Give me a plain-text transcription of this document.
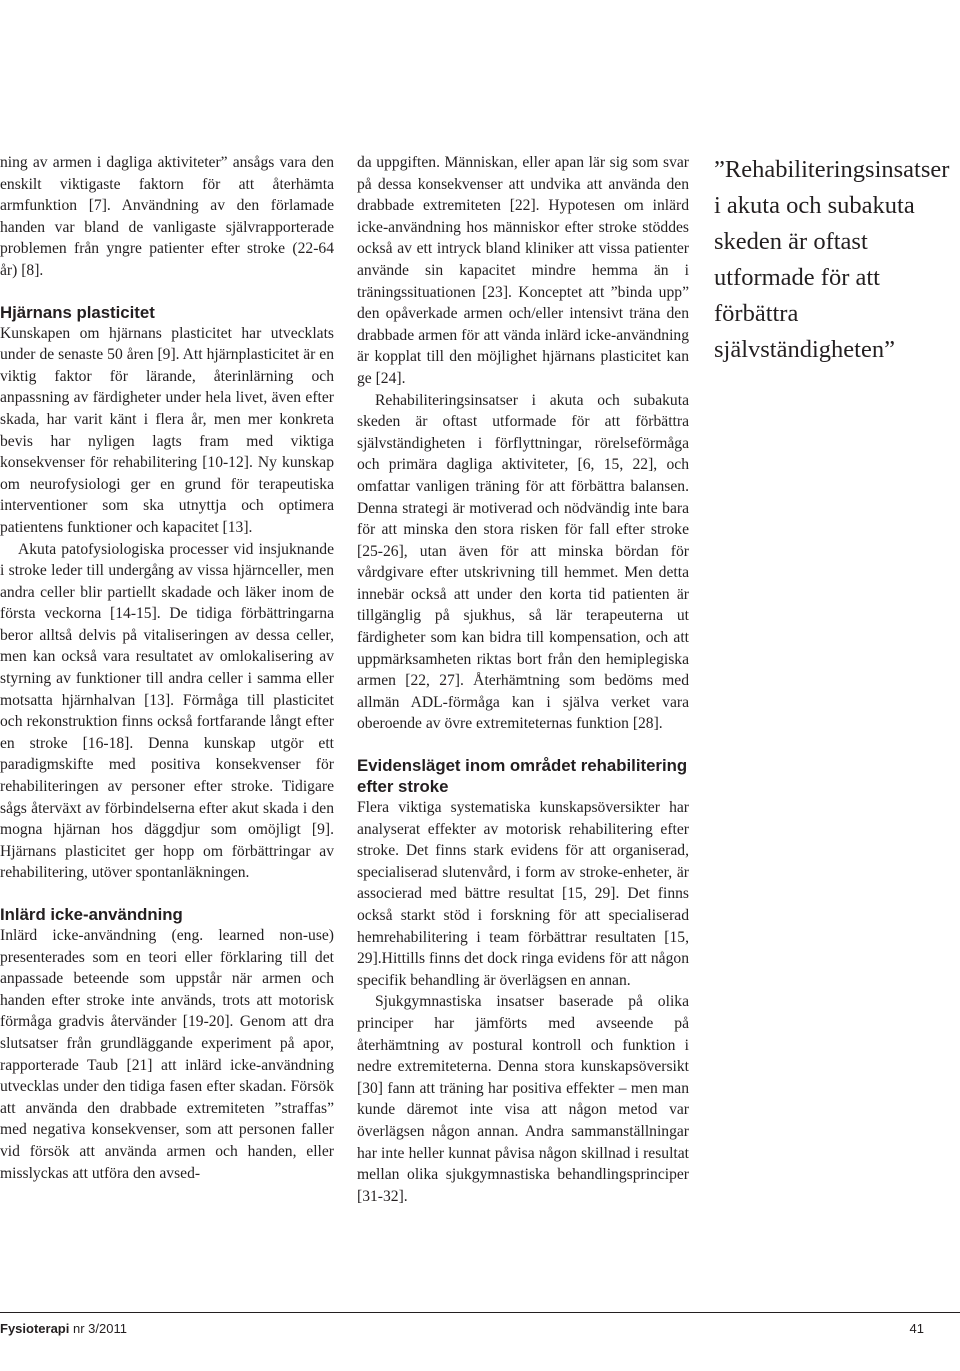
ning av armen i dagliga aktiviteter” ansågs vara den enskilt viktigaste faktorn för att återhämta armfunktion [7]. Användning av den förlamade handen var bland de vanligaste självrapporterade problemen från yngre patienter efter stroke (22-64 år) [8].

Hjärnans plasticitet

Kunskapen om hjärnans plasticitet har utvecklats under de senaste 50 åren [9]. Att hjärnplasticitet är en viktig faktor för lärande, återinlärning och anpassning av färdigheter under hela livet, även efter skada, har varit känt i flera år, men mer konkreta bevis har nyligen lagts fram med viktiga konsekvenser för rehabilitering [10-12]. Ny kunskap om neurofysiologi ger en grund för terapeutiska interventioner som ska utnyttja och optimera patientens funktioner och kapacitet [13].

Akuta patofysiologiska processer vid insjuknande i stroke leder till undergång av vissa hjärnceller, men andra celler blir partiellt skadade och läker inom de första veckorna [14-15]. De tidiga förbättringarna beror alltså delvis på vitaliseringen av dessa celler, men kan också vara resultatet av omlokalisering av styrning av funktioner till andra celler i samma eller motsatta hjärnhalvan [13]. Förmåga till plasticitet och rekonstruktion finns också fortfarande långt efter en stroke [16-18]. Denna kunskap utgör ett paradigmskifte med positiva konsekvenser för rehabiliteringen av personer efter stroke. Tidigare sågs återväxt av förbindelserna efter akut skada i den mogna hjärnan hos däggdjur som omöjligt [9]. Hjärnans plasticitet ger hopp om förbättringar av rehabilitering, utöver spontanläkningen.

Inlärd icke-användning

Inlärd icke-användning (eng. learned non-use) presenterades som en teori eller förklaring till det anpassade beteende som uppstår när armen och handen efter stroke inte används, trots att motorisk förmåga gradvis återvänder [19-20]. Genom att dra slutsatser från grundläggande experiment på apor, rapporterade Taub [21] att inlärd icke-användning utvecklas under den tidiga fasen efter skadan. Försök att använda den drabbade extremiteten ”straffas” med negativa konsekvenser, som att personen faller vid försök att använda armen och handen, eller misslyckas att utföra den avsed-

da uppgiften. Människan, eller apan lär sig som svar på dessa konsekvenser att undvika att använda den drabbade extremiteten [22]. Hypotesen om inlärd icke-användning hos människor efter stroke stöddes också av ett intryck bland kliniker att vissa patienter använde sin kapacitet mindre hemma än i träningssituationen [23]. Konceptet att ”binda upp” den opåverkade armen och/eller intensivt träna den drabbade armen för att vända inlärd icke-användning är kopplat till den möjlighet hjärnans plasticitet kan ge [24].

Rehabiliteringsinsatser i akuta och subakuta skeden är oftast utformade för att förbättra självständigheten i förflyttningar, rörelseförmåga och primära dagliga aktiviteter, [6, 15, 22], och omfattar vanligen träning för att förbättra balansen. Denna strategi är motiverad och nödvändig inte bara för att minska den stora risken för fall efter stroke [25-26], utan även för att minska bördan för vårdgivare efter utskrivning till hemmet. Men detta innebär också att under den korta tid patienten är tillgänglig på sjukhus, så lär terapeuterna ut färdigheter som kan bidra till kompensation, och att uppmärksamheten riktas bort från den hemiplegiska armen [22, 27]. Återhämtning som bedöms med allmän ADL-förmåga kan i själva verket vara oberoende av övre extremiteternas funktion [28].

Evidensläget inom området rehabilitering efter stroke

Flera viktiga systematiska kunskapsöversikter har analyserat effekter av motorisk rehabilitering efter stroke. Det finns stark evidens för att organiserad, specialiserad slutenvård, i form av stroke-enheter, är associerad med bättre resultat [15, 29]. Det finns också starkt stöd i forskning för att specialiserad hemrehabilitering i team förbättrar resultaten [15, 29].Hittills finns det dock ringa evidens för att någon specifik behandling är överlägsen en annan.

Sjukgymnastiska insatser baserade på olika principer har jämförts med avseende på återhämtning av postural kontroll och funktion i nedre extremiteterna. Denna stora kunskapsöversikt [30] fann att träning har positiva effekter – men man kunde däremot inte visa att någon metod var överlägsen någon annan. Andra sammanställningar har inte heller kunnat påvisa någon skillnad i resultat mellan olika sjukgymnastiska behandlingsprinciper [31-32].

”Rehabiliteringsinsatser i akuta och subakuta skeden är oftast utformade för att förbättra självständigheten”

Fysioterapi nr 3/2011	41
